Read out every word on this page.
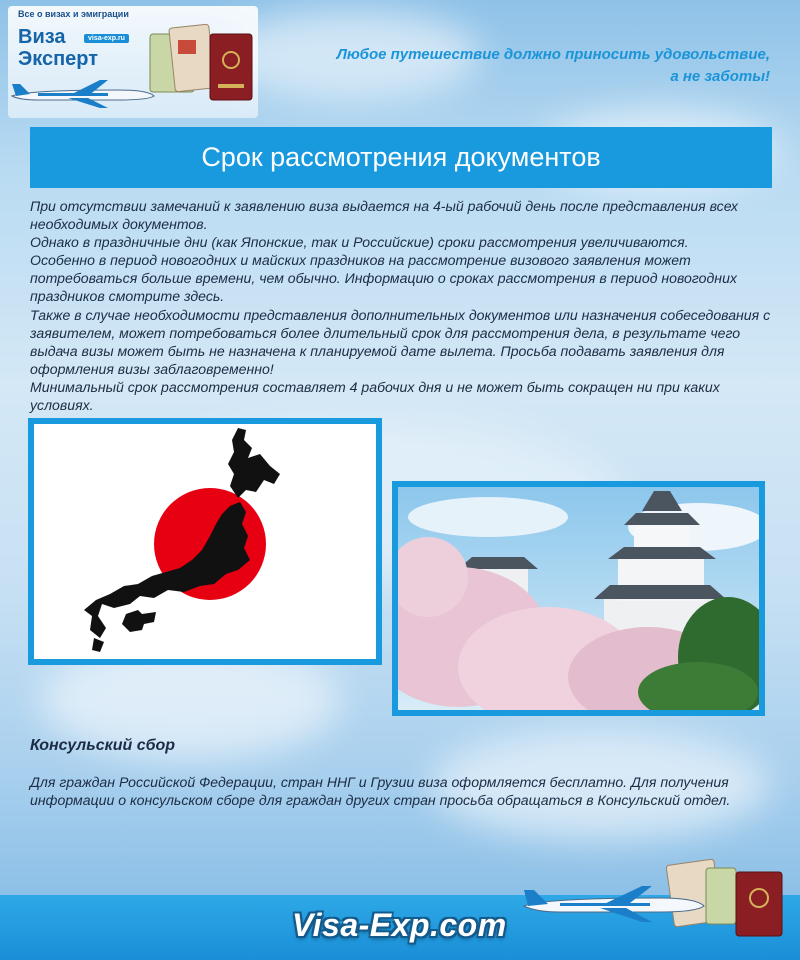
Все о визах и эмиграции
Виза	visa-exp.ru
Эксперт	Любое путешествие должно приносить удовольствие,
а не заботы!
Срок рассмотрения документов

При отсутствии замечаний к заявлению виза выдается на 4-ый рабочий день после представления всех необходимых документов.

Однако в праздничные дни (как Японские, так и Российские) сроки рассмотрения увеличиваются.

Особенно в период новогодних и майских праздников на рассмотрение визового заявления может потребоваться больше времени, чем обычно. Информацию о сроках рассмотрения в период новогодних праздников смотрите здесь.

Также в случае необходимости представления дополнительных документов или назначения собеседования с заявителем, может потребоваться более длительный срок для рассмотрения дела, в результате чего выдача визы может быть не назначена к планируемой дате вылета. Просьба подавать заявления для оформления визы заблаговременно!

Минимальный срок рассмотрения составляет 4 рабочих дня и не может быть сокращен ни при каких условиях.

Консульский сбор
Для граждан Российской Федерации, стран ННГ и Грузии виза оформляется бесплатно. Для получения информации о консульском сборе для граждан других стран просьба обращаться в Консульский отдел.
Visa-Exp.com
